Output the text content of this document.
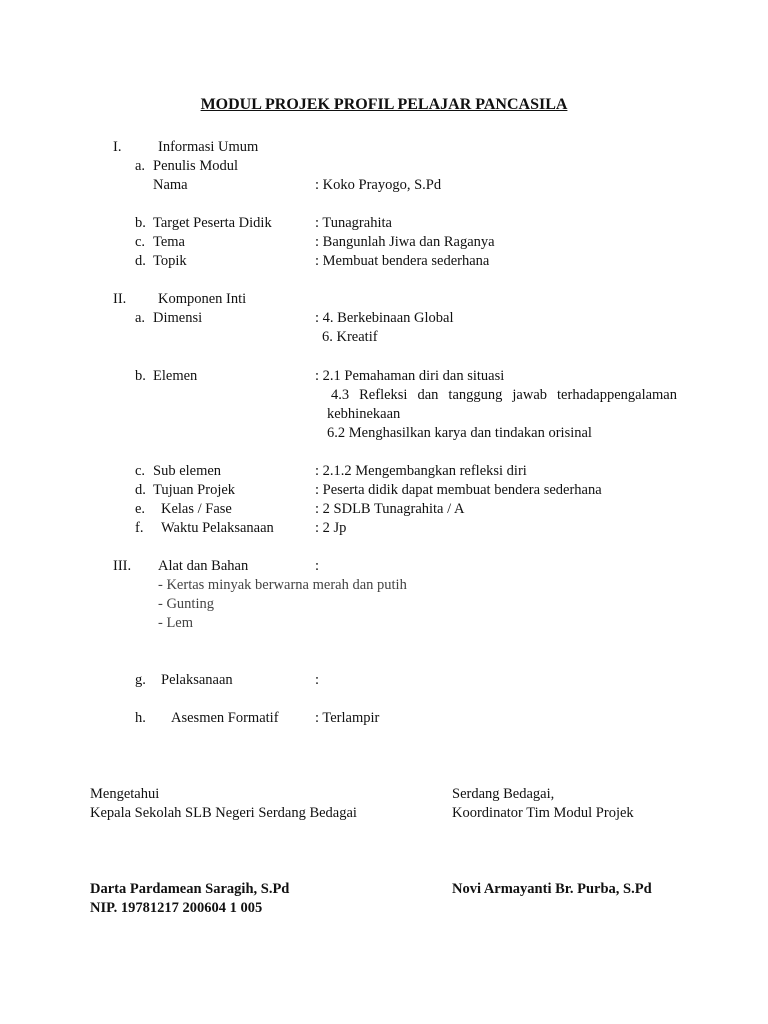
MODUL PROJEK PROFIL PELAJAR PANCASILA
I.	Informasi Umum
a. Penulis Modul
Nama	: Koko Prayogo, S.Pd
b. Target Peserta Didik	: Tunagrahita
c. Tema	: Bangunlah Jiwa dan Raganya
d. Topik	: Membuat bendera sederhana
II. Komponen Inti
a. Dimensi	: 4. Berkebinaan Global
6. Kreatif
b. Elemen	: 2.1 Pemahaman diri dan situasi
4.3 Refleksi dan tanggung jawab terhadappengalaman
kebhinekaan
6.2 Menghasilkan karya dan tindakan orisinal
c. Sub elemen	: 2.1.2 Mengembangkan refleksi diri
d. Tujuan Projek	: Peserta didik dapat membuat bendera sederhana
e. Kelas / Fase	: 2 SDLB Tunagrahita / A
f. Waktu Pelaksanaan	: 2 Jp
III. Alat dan Bahan	:
- Kertas minyak berwarna merah dan putih
- Gunting
- Lem
g. Pelaksanaan	:
h. Asesmen Formatif	: Terlampir
Mengetahui
Kepala Sekolah SLB Negeri Serdang Bedagai
Darta Pardamean Saragih, S.Pd
NIP. 19781217 200604 1 005
Serdang Bedagai,
Koordinator Tim Modul Projek
Novi Armayanti Br. Purba, S.Pd
